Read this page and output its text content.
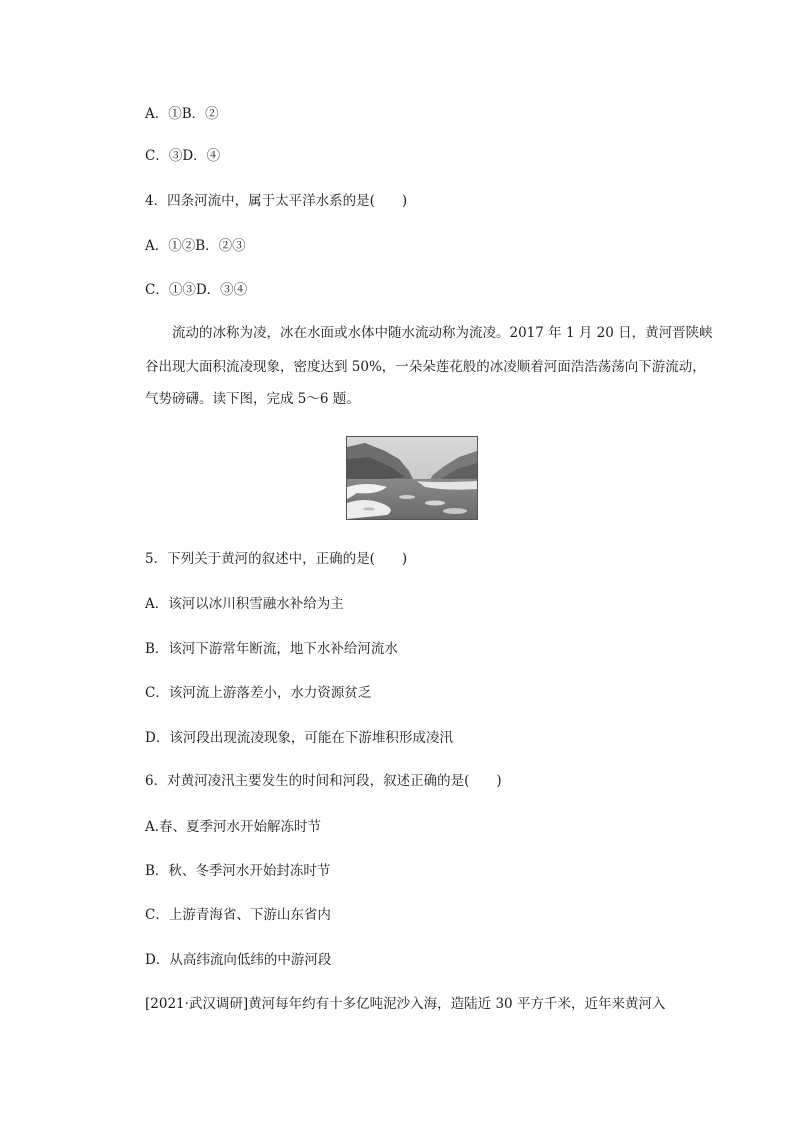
A．①B．②
C．③D．④
4．四条河流中，属于太平洋水系的是(　　)
A．①②B．②③
C．①③D．③④
　　流动的冰称为凌，冰在水面或水体中随水流动称为流凌。2017 年 1 月 20 日，黄河晋陕峡
谷出现大面积流凌现象，密度达到 50%，一朵朵莲花般的冰凌顺着河面浩浩荡荡向下游流动，
气势磅礴。读下图，完成 5～6 题。
5．下列关于黄河的叙述中，正确的是(　　)
A．该河以冰川积雪融水补给为主
B．该河下游常年断流，地下水补给河流水
C．该河流上游落差小，水力资源贫乏
D．该河段出现流凌现象，可能在下游堆积形成凌汛
6．对黄河凌汛主要发生的时间和河段，叙述正确的是(　　)
A.春、夏季河水开始解冻时节
B．秋、冬季河水开始封冻时节
C．上游青海省、下游山东省内
D．从高纬流向低纬的中游河段
[2021·武汉调研]黄河每年约有十多亿吨泥沙入海，造陆近 30 平方千米，近年来黄河入
